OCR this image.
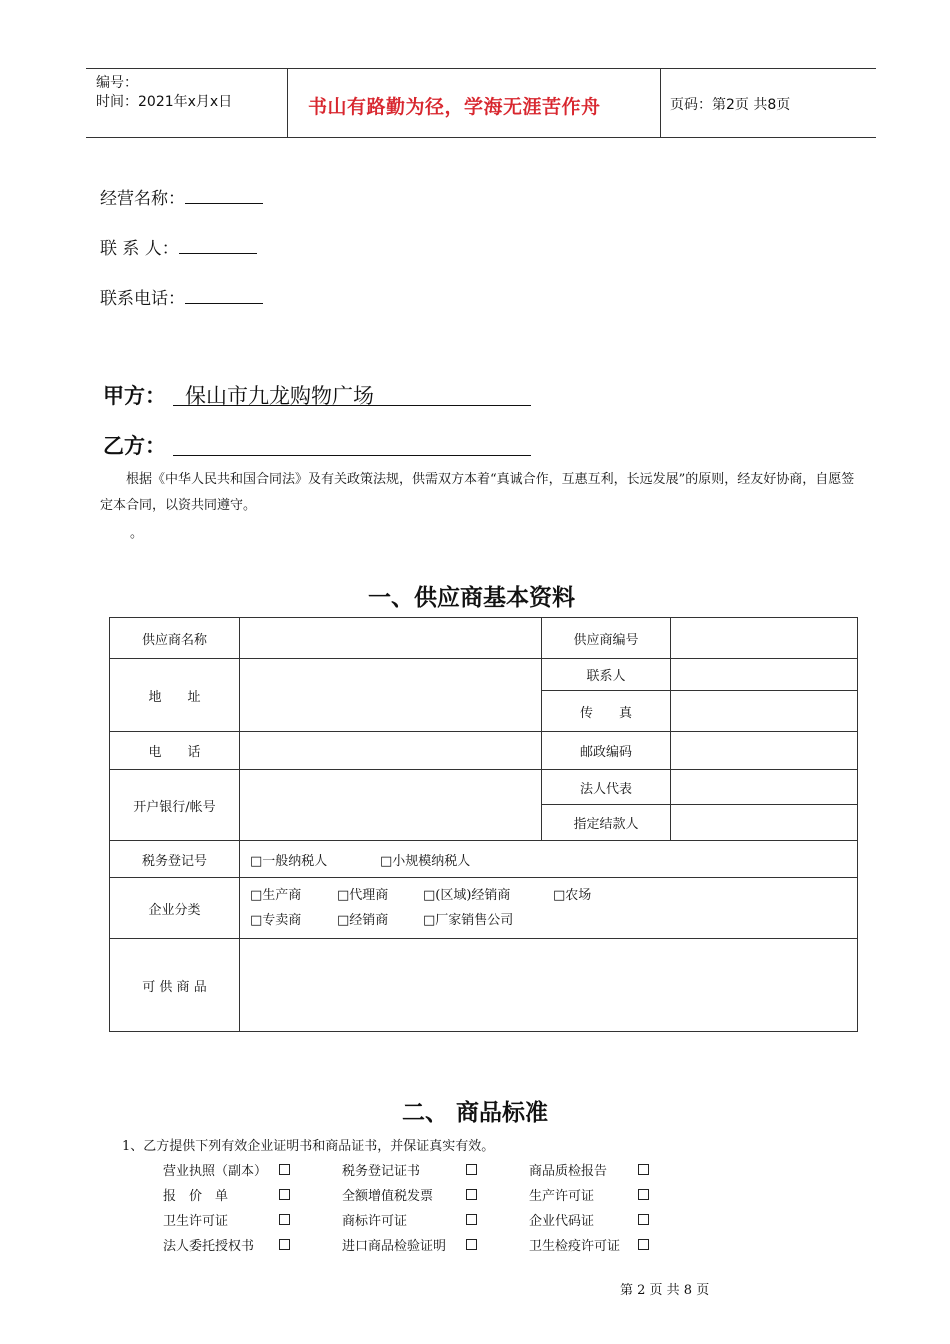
编号：
时间：2021年x月x日	书山有路勤为径，学海无涯苦作舟	页码：第2页 共8页
经营名称：
联 系 人：
联系电话：
甲方： 保山市九龙购物广场
乙方：
根据《中华人民共和国合同法》及有关政策法规，供需双方本着“真诚合作，互惠互利，长远发展”的原则，经友好协商，自愿签定本合同，以资共同遵守。
。
一、供应商基本资料
供应商名称		供应商编号	
地　　址		联系人	
		传　　真	
电　　话		邮政编码	
开户银行/帐号		法人代表	
		指定结款人	
税务登记号	□一般纳税人 □小规模纳税人		
企业分类	□生产商 □代理商 □(区域)经销商 □农场
□专卖商 □经销商 □厂家销售公司		

可 供 商 品			
二、 商品标准
1、乙方提供下列有效企业证明书和商品证书，并保证真实有效。
营业执照（副本）	税务登记证书	商品质检报告
报　价　单	全额增值税发票	生产许可证
卫生许可证	商标许可证	企业代码证
法人委托授权书	进口商品检验证明	卫生检疫许可证
第 2 页 共 8 页
